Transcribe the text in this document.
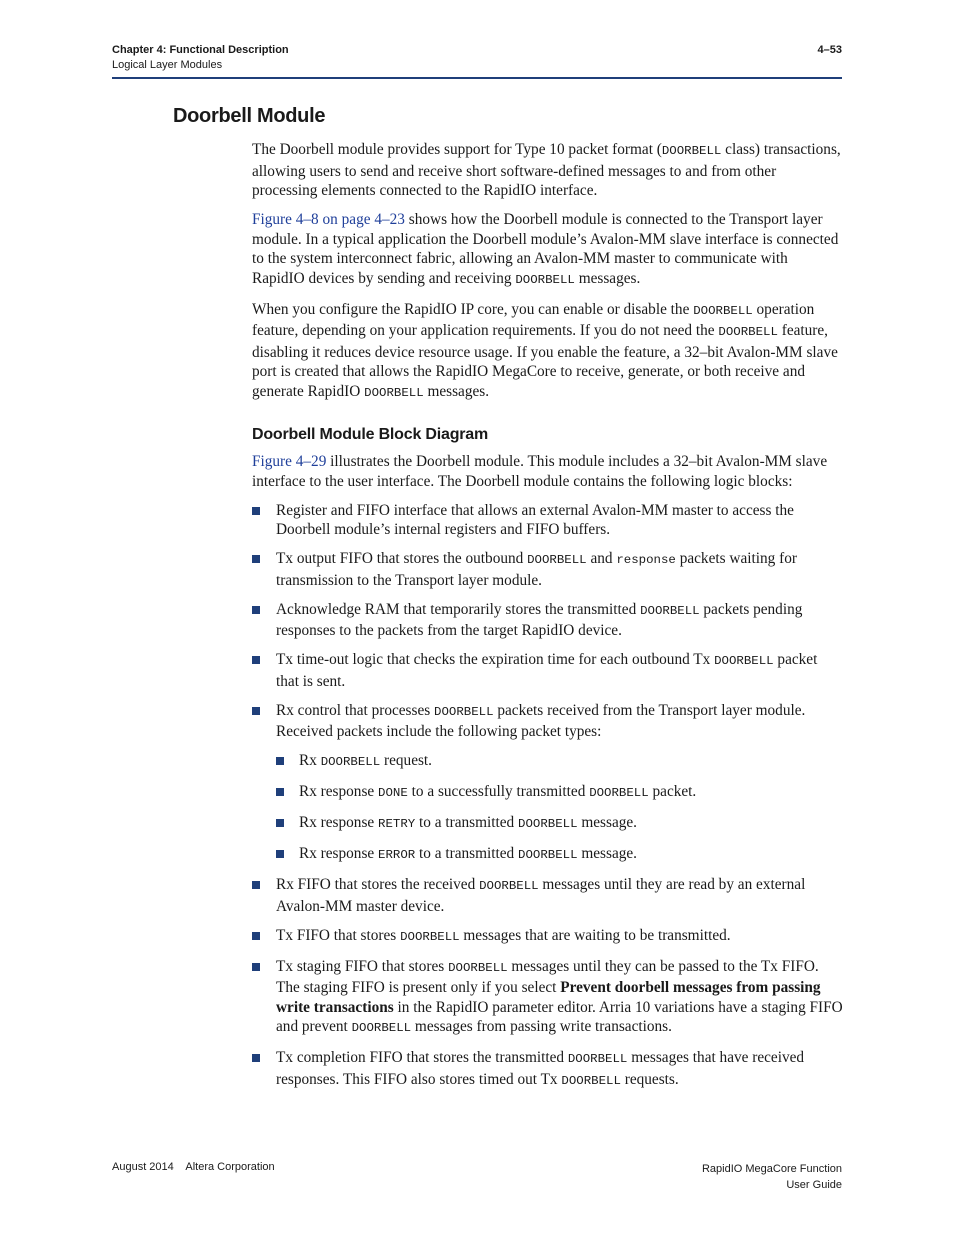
Chapter 4: Functional Description
Logical Layer Modules
4–53
Doorbell Module

The Doorbell module provides support for Type 10 packet format (DOORBELL class) transactions, allowing users to send and receive short software-defined messages to and from other processing elements connected to the RapidIO interface.

Figure 4–8 on page 4–23 shows how the Doorbell module is connected to the Transport layer module. In a typical application the Doorbell module’s Avalon-MM slave interface is connected to the system interconnect fabric, allowing an Avalon-MM master to communicate with RapidIO devices by sending and receiving DOORBELL messages.

When you configure the RapidIO IP core, you can enable or disable the DOORBELL operation feature, depending on your application requirements. If you do not need the DOORBELL feature, disabling it reduces device resource usage. If you enable the feature, a 32–bit Avalon-MM slave port is created that allows the RapidIO MegaCore to receive, generate, or both receive and generate RapidIO DOORBELL messages.

Doorbell Module Block Diagram

Figure 4–29 illustrates the Doorbell module. This module includes a 32–bit Avalon-MM slave interface to the user interface. The Doorbell module contains the following logic blocks:

Register and FIFO interface that allows an external Avalon-MM master to access the Doorbell module’s internal registers and FIFO buffers.
Tx output FIFO that stores the outbound DOORBELL and response packets waiting for transmission to the Transport layer module.
Acknowledge RAM that temporarily stores the transmitted DOORBELL packets pending responses to the packets from the target RapidIO device.
Tx time-out logic that checks the expiration time for each outbound Tx DOORBELL packet that is sent.
Rx control that processes DOORBELL packets received from the Transport layer module. Received packets include the following packet types:
Rx DOORBELL request.
Rx response DONE to a successfully transmitted DOORBELL packet.
Rx response RETRY to a transmitted DOORBELL message.
Rx response ERROR to a transmitted DOORBELL message.
Rx FIFO that stores the received DOORBELL messages until they are read by an external Avalon-MM master device.
Tx FIFO that stores DOORBELL messages that are waiting to be transmitted.
Tx staging FIFO that stores DOORBELL messages until they can be passed to the Tx FIFO. The staging FIFO is present only if you select Prevent doorbell messages from passing write transactions in the RapidIO parameter editor. Arria 10 variations have a staging FIFO and prevent DOORBELL messages from passing write transactions.
Tx completion FIFO that stores the transmitted DOORBELL messages that have received responses. This FIFO also stores timed out Tx DOORBELL requests.
August 2014    Altera Corporation	RapidIO MegaCore Function
User Guide
